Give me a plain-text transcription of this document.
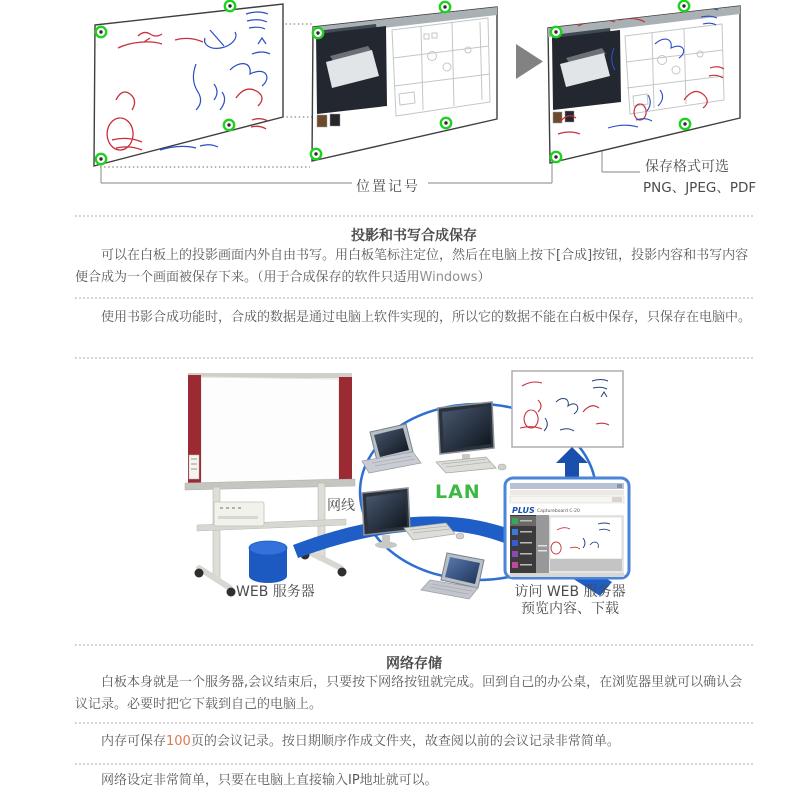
位置记号
保存格式可选
PNG、JPEG、PDF
投影和书写合成保存

可以在白板上的投影画面内外自由书写。用白板笔标注定位，然后在电脑上按下[合成]按钮，投影内容和书写内容便合成为一个画面被保存下来。（用于合成保存的软件只适用Windows）

使用书影合成功能时，合成的数据是通过电脑上软件实现的，所以它的数据不能在白板中保存，只保存在电脑中。

PLUS Captureboard C-20
网线
LAN
WEB 服务器	访问 WEB 服务器
预览内容、下载
网络存储

白板本身就是一个服务器,会议结束后，只要按下网络按钮就完成。回到自己的办公桌，在浏览器里就可以确认会议记录。必要时把它下载到自己的电脑上。

内存可保存100页的会议记录。按日期顺序作成文件夹，故查阅以前的会议记录非常简单。

网络设定非常简单，只要在电脑上直接输入IP地址就可以。
